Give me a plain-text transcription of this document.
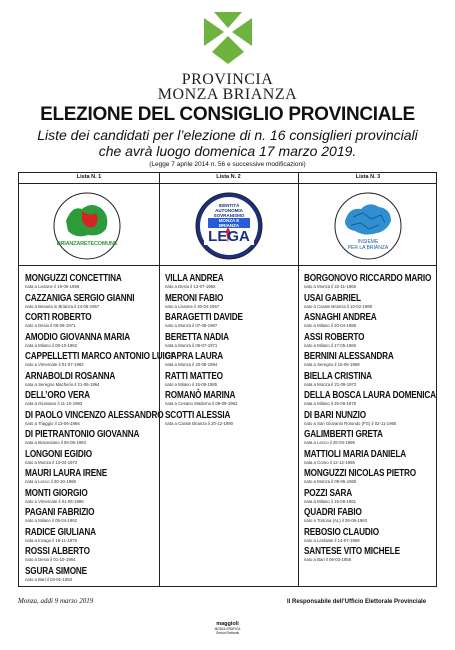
PROVINCIA
MONZA BRIANZA
ELEZIONE DEL CONSIGLIO PROVINCIALE
Liste dei candidati per l’elezione di n. 16 consiglieri provinciali
che avrà luogo domenica 17 marzo 2019.
(Legge 7 aprile 2014 n. 56 e successive modificazioni)
Lista N. 1	Lista N. 2	Lista N. 3
BRIANZARETECOMUNE
IDENTITÀ
AUTONOMIA
SOVRANISMO
MONZA E BRIANZA
LEGA	INSIEME
PER LA BRIANZA
MONGUZZI CONCETTINA
nata a Lissone il 19-06-1956
CAZZANIGA SERGIO GIANNI
nato a Besana in Brianza il 24-05-1957
CORTI ROBERTO
nato a Desio il 06-09-1971
AMODIO GIOVANNA MARIA
nata a Milano il 08-10-1962
CAPPELLETTI MARCO ANTONIO LUIGI
nato a Vimercate il 01-07-1982
ARNABOLDI ROSANNA
nata a Seregno Macherio il 21-06-1964
DELL’ORO VERA
nata a Giussano il 11-10-1983
DI PAOLO VINCENZO ALESSANDRO
nato a Triaggio il 13-06-1966
DI PIETRANTONIO GIOVANNA
nata a Bracesiano il 06-09-1963
LONGONI EGIDIO
nato a Monza il 13-04-1972
MAURI LAURA IRENE
nata a Lecco il 20-10-1968
MONTI GIORGIO
nato a Vimercate il 01-06-1986
PAGANI FABRIZIO
nato a Milano il 05-04-1962
RADICE GIULIANA
nata a Inzago il 18-11-1975
ROSSI ALBERTO
nato a Desio il 01-10-1964
SGURA SIMONE
nato a Bari il 03-01-1993
VILLA ANDREA
nato a Desio il 13-07-1992
MERONI FABIO
nato a Lissone il 30-04-1957
BARAGETTI DAVIDE
nato a Monza il 07-08-1987
BERETTA NADIA
nata a Monza il 06-07-1971
CAPRA LAURA
nata a Monza il 20-08-1994
RATTI MATTEO
nato a Milano il 15-08-1985
ROMANÒ MARINA
nata a Cesano Maderno il 08-09-1963
SCOTTI ALESSIA
nata a Carate Brianza il 20-12-1990
BORGONOVO RICCARDO MARIO
nato a Monza il 22-11-1966
USAI GABRIEL
nato a Carate Brianza il 10-02-1988
ASNAGHI ANDREA
nato a Milano il 20-04-1988
ASSI ROBERTO
nato a Milano il 17-05-1966
BERNINI ALESSANDRA
nata a Seregno il 15-06-1968
BIELLA CRISTINA
nata a Monza il 21-09-1972
DELLA BOSCA LAURA DOMENICA
nata a Milano il 25-06-1978
DI BARI NUNZIO
nato a San Giovanni Rotondo (FG) il 02-11-1965
GALIMBERTI GRETA
nata a Lecco il 26-03-1986
MATTIOLI MARIA DANIELA
nata a Como il 12-12-1956
MONGUZZI NICOLAS PIETRO
nato a Monza il 09-06-1965
POZZI SARA
nata a Milano il 15-08-1981
QUADRI FABIO
nato a Tortona (AL) il 26-06-1963
REBOSIO CLAUDIO
nato a Limbiate il 14-07-1958
SANTESE VITO MICHELE
nato a Bari il 06-03-1958
Monza, addì 9 marzo 2019	Il Responsabile dell’Ufficio Elettorale Provinciale
maggioli
MODULGRAFICA
Servizi Elettorali
